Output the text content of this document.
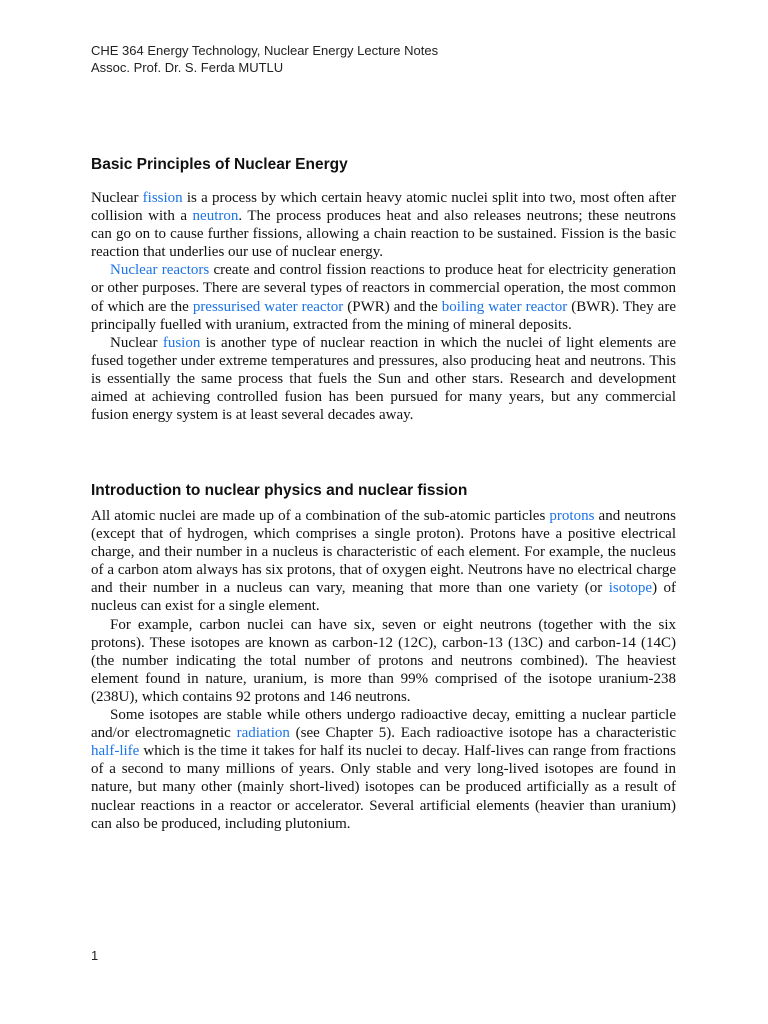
CHE 364 Energy Technology, Nuclear Energy Lecture Notes
Assoc. Prof. Dr. S. Ferda MUTLU
Basic Principles of Nuclear Energy

Nuclear fission is a process by which certain heavy atomic nuclei split into two, most often after collision with a neutron. The process produces heat and also releases neutrons; these neutrons can go on to cause further fissions, allowing a chain reaction to be sustained. Fission is the basic reaction that underlies our use of nuclear energy.

Nuclear reactors create and control fission reactions to produce heat for electricity generation or other purposes. There are several types of reactors in commercial operation, the most common of which are the pressurised water reactor (PWR) and the boiling water reactor (BWR). They are principally fuelled with uranium, extracted from the mining of mineral deposits.

Nuclear fusion is another type of nuclear reaction in which the nuclei of light elements are fused together under extreme temperatures and pressures, also producing heat and neutrons. This is essentially the same process that fuels the Sun and other stars. Research and development aimed at achieving controlled fusion has been pursued for many years, but any commercial fusion energy system is at least several decades away.

Introduction to nuclear physics and nuclear fission

All atomic nuclei are made up of a combination of the sub-atomic particles protons and neutrons (except that of hydrogen, which comprises a single proton). Protons have a positive electrical charge, and their number in a nucleus is characteristic of each element. For example, the nucleus of a carbon atom always has six protons, that of oxygen eight. Neutrons have no electrical charge and their number in a nucleus can vary, meaning that more than one variety (or isotope) of nucleus can exist for a single element.

For example, carbon nuclei can have six, seven or eight neutrons (together with the six protons). These isotopes are known as carbon-12 (12C), carbon-13 (13C) and carbon-14 (14C) (the number indicating the total number of protons and neutrons combined). The heaviest element found in nature, uranium, is more than 99% comprised of the isotope uranium-238 (238U), which contains 92 protons and 146 neutrons.

Some isotopes are stable while others undergo radioactive decay, emitting a nuclear particle and/or electromagnetic radiation (see Chapter 5). Each radioactive isotope has a characteristic half-life which is the time it takes for half its nuclei to decay. Half-lives can range from fractions of a second to many millions of years. Only stable and very long-lived isotopes are found in nature, but many other (mainly short-lived) isotopes can be produced artificially as a result of nuclear reactions in a reactor or accelerator. Several artificial elements (heavier than uranium) can also be produced, including plutonium.

1
